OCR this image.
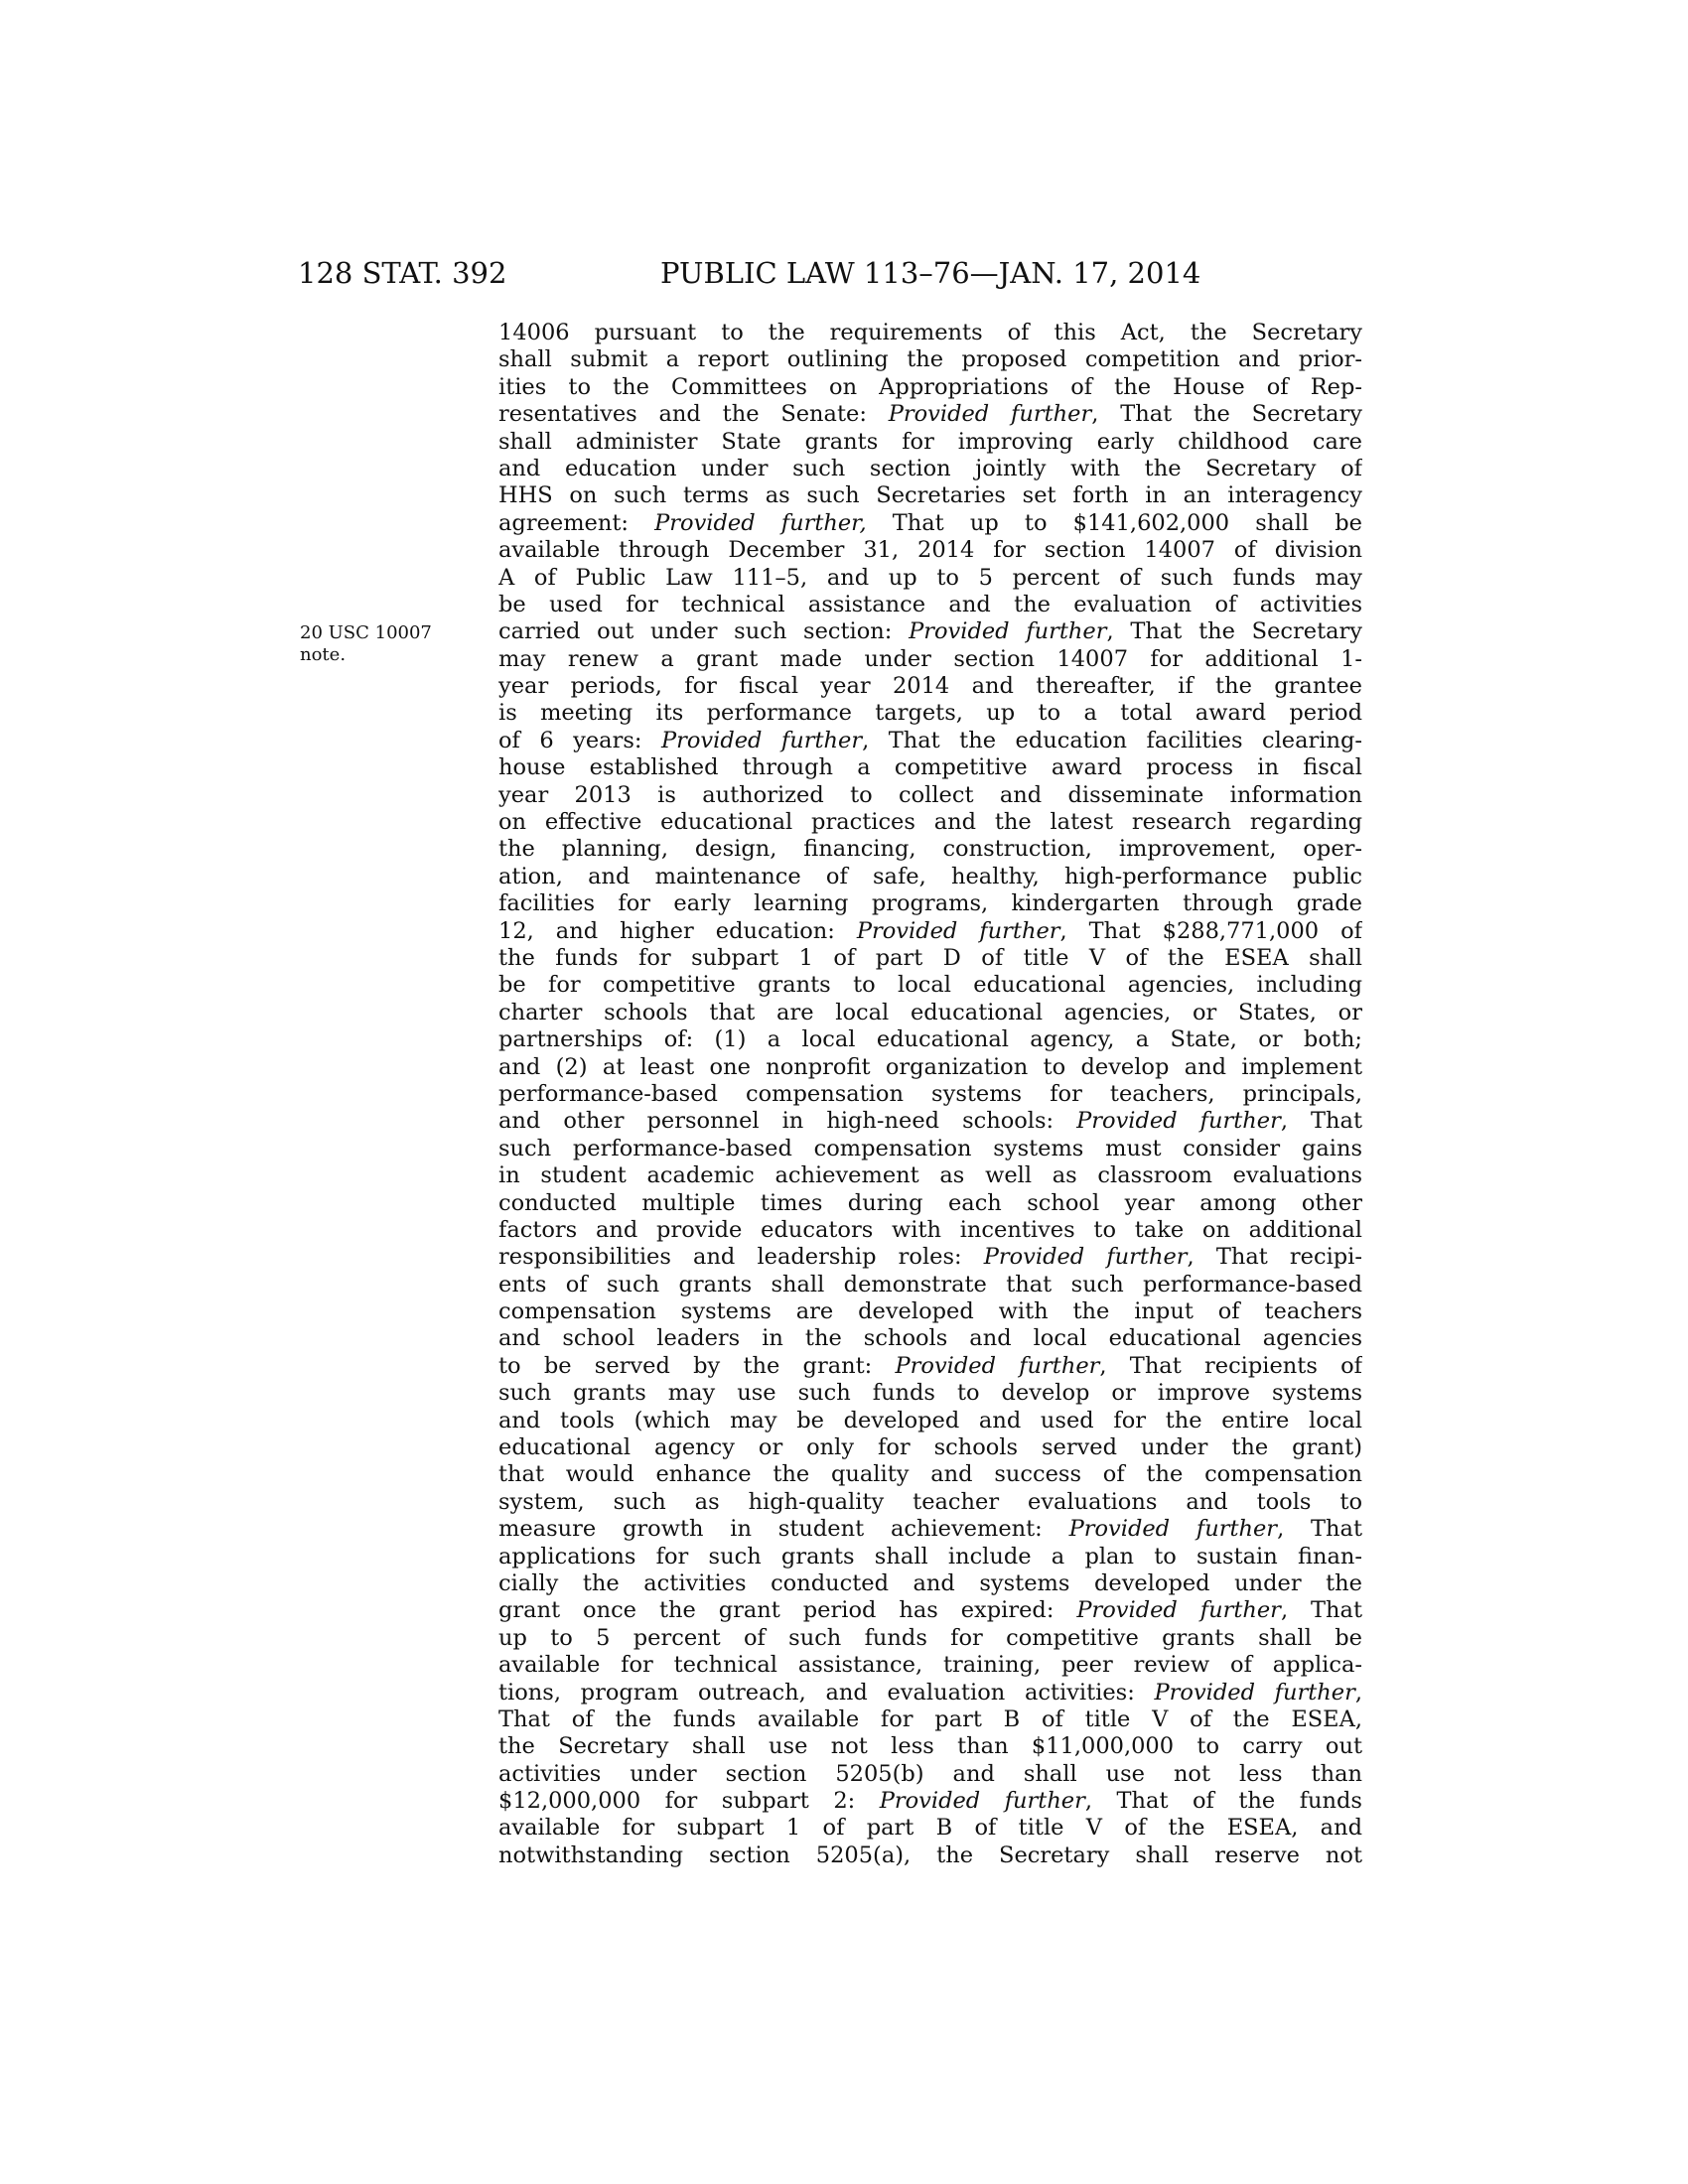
128 STAT. 392	PUBLIC LAW 113–76—JAN. 17, 2014
20 USC 10007
note.
14006 pursuant to the requirements of this Act, the Secretary
shall submit a report outlining the proposed competition and prior-
ities to the Committees on Appropriations of the House of Rep-
resentatives and the Senate: Provided further, That the Secretary
shall administer State grants for improving early childhood care
and education under such section jointly with the Secretary of
HHS on such terms as such Secretaries set forth in an interagency
agreement: Provided further, That up to $141,602,000 shall be
available through December 31, 2014 for section 14007 of division
A of Public Law 111–5, and up to 5 percent of such funds may
be used for technical assistance and the evaluation of activities
carried out under such section: Provided further, That the Secretary
may renew a grant made under section 14007 for additional 1-
year periods, for fiscal year 2014 and thereafter, if the grantee
is meeting its performance targets, up to a total award period
of 6 years: Provided further, That the education facilities clearing-
house established through a competitive award process in fiscal
year 2013 is authorized to collect and disseminate information
on effective educational practices and the latest research regarding
the planning, design, financing, construction, improvement, oper-
ation, and maintenance of safe, healthy, high-performance public
facilities for early learning programs, kindergarten through grade
12, and higher education: Provided further, That $288,771,000 of
the funds for subpart 1 of part D of title V of the ESEA shall
be for competitive grants to local educational agencies, including
charter schools that are local educational agencies, or States, or
partnerships of: (1) a local educational agency, a State, or both;
and (2) at least one nonprofit organization to develop and implement
performance-based compensation systems for teachers, principals,
and other personnel in high-need schools: Provided further, That
such performance-based compensation systems must consider gains
in student academic achievement as well as classroom evaluations
conducted multiple times during each school year among other
factors and provide educators with incentives to take on additional
responsibilities and leadership roles: Provided further, That recipi-
ents of such grants shall demonstrate that such performance-based
compensation systems are developed with the input of teachers
and school leaders in the schools and local educational agencies
to be served by the grant: Provided further, That recipients of
such grants may use such funds to develop or improve systems
and tools (which may be developed and used for the entire local
educational agency or only for schools served under the grant)
that would enhance the quality and success of the compensation
system, such as high-quality teacher evaluations and tools to
measure growth in student achievement: Provided further, That
applications for such grants shall include a plan to sustain finan-
cially the activities conducted and systems developed under the
grant once the grant period has expired: Provided further, That
up to 5 percent of such funds for competitive grants shall be
available for technical assistance, training, peer review of applica-
tions, program outreach, and evaluation activities: Provided further,
That of the funds available for part B of title V of the ESEA,
the Secretary shall use not less than $11,000,000 to carry out
activities under section 5205(b) and shall use not less than
$12,000,000 for subpart 2: Provided further, That of the funds
available for subpart 1 of part B of title V of the ESEA, and
notwithstanding section 5205(a), the Secretary shall reserve not
